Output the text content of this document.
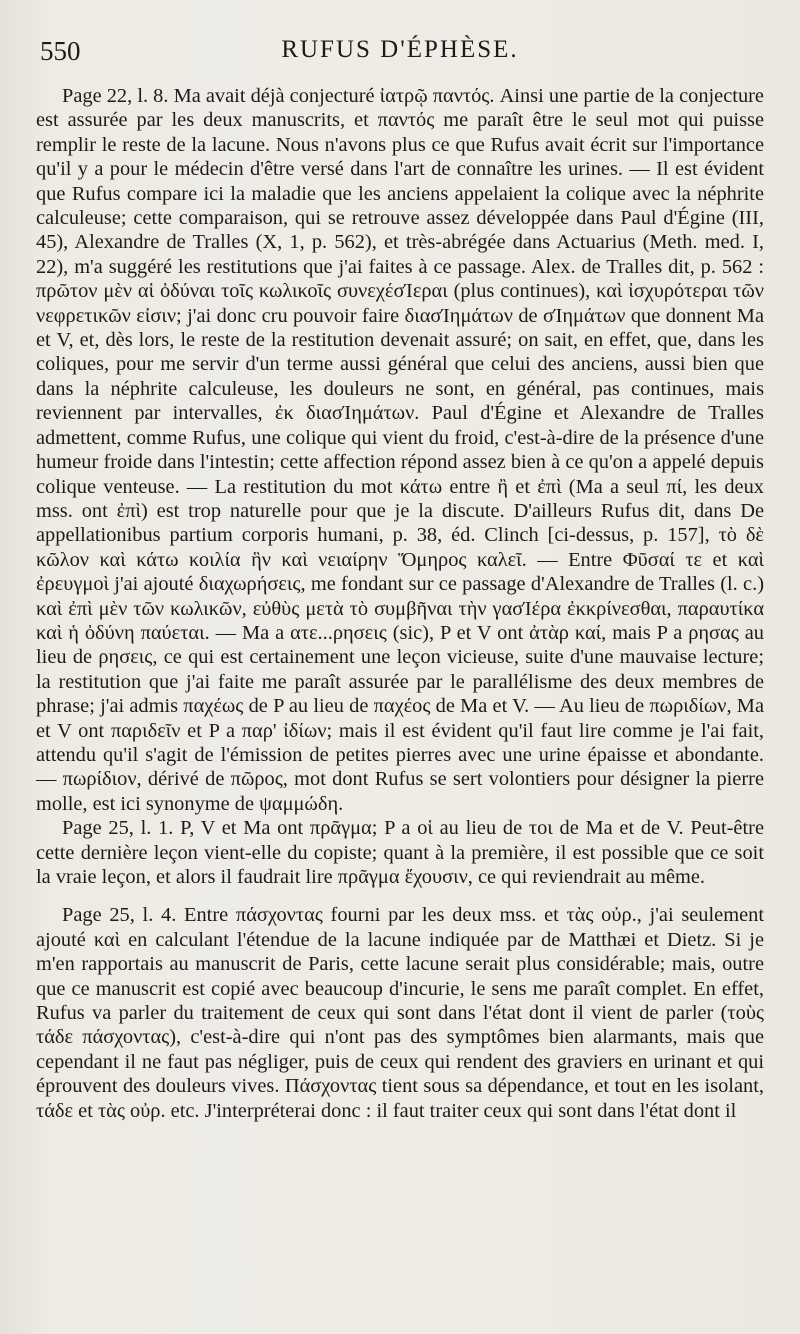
550	RUFUS D'ÉPHÈSE.

Page 22, l. 8. Ma avait déjà conjecturé ἰατρῷ παντός. Ainsi une partie de la conjecture est assurée par les deux manuscrits, et παντός me paraît être le seul mot qui puisse remplir le reste de la lacune. Nous n'avons plus ce que Rufus avait écrit sur l'importance qu'il y a pour le médecin d'être versé dans l'art de connaître les urines. — Il est évident que Rufus compare ici la maladie que les anciens appelaient la colique avec la néphrite calculeuse; cette comparaison, qui se retrouve assez développée dans Paul d'Égine (III, 45), Alexandre de Tralles (X, 1, p. 562), et très-abrégée dans Actuarius (Meth. med. I, 22), m'a suggéré les restitutions que j'ai faites à ce passage. Alex. de Tralles dit, p. 562 : πρῶτον μὲν αἱ ὀδύναι τοῖς κωλικοῖς συνεχέσΊεραι (plus continues), καὶ ἰσχυρότεραι τῶν νεφρετικῶν εἰσιν; j'ai donc cru pouvoir faire διασΊημάτων de σΊημάτων que donnent Ma et V, et, dès lors, le reste de la restitution devenait assuré; on sait, en effet, que, dans les coliques, pour me servir d'un terme aussi général que celui des anciens, aussi bien que dans la néphrite calculeuse, les douleurs ne sont, en général, pas continues, mais reviennent par intervalles, ἐκ διασΊημάτων. Paul d'Égine et Alexandre de Tralles admettent, comme Rufus, une colique qui vient du froid, c'est-à-dire de la présence d'une humeur froide dans l'intestin; cette affection répond assez bien à ce qu'on a appelé depuis colique venteuse. — La restitution du mot κάτω entre ἢ et ἐπὶ (Ma a seul πί, les deux mss. ont ἐπὶ) est trop naturelle pour que je la discute. D'ailleurs Rufus dit, dans De appellationibus partium corporis humani, p. 38, éd. Clinch [ci-dessus, p. 157], τὸ δὲ κῶλον καὶ κάτω κοιλία ἣν καὶ νειαίρην Ὅμηρος καλεῖ. — Entre Φῦσαί τε et καὶ ἐρευγμοὶ j'ai ajouté διαχωρήσεις, me fondant sur ce passage d'Alexandre de Tralles (l. c.) καὶ ἐπὶ μὲν τῶν κωλικῶν, εὐθὺς μετὰ τὸ συμβῆναι τὴν γασΊέρα ἐκκρίνεσθαι, παραυτίκα καὶ ἡ ὀδύνη παύεται. — Ma a ατε...ρησεις (sic), P et V ont ἀτὰρ καί, mais P a ρησας au lieu de ρησεις, ce qui est certainement une leçon vicieuse, suite d'une mauvaise lecture; la restitution que j'ai faite me paraît assurée par le parallélisme des deux membres de phrase; j'ai admis παχέως de P au lieu de παχέος de Ma et V. — Au lieu de πωριδίων, Ma et V ont παριδεῖν et P a παρ' ἰδίων; mais il est évident qu'il faut lire comme je l'ai fait, attendu qu'il s'agit de l'émission de petites pierres avec une urine épaisse et abondante. — πωρίδιον, dérivé de πῶρος, mot dont Rufus se sert volontiers pour désigner la pierre molle, est ici synonyme de ψαμμώδη.

Page 25, l. 1. P, V et Ma ont πρᾶγμα; P a οἱ au lieu de τοι de Ma et de V. Peut-être cette dernière leçon vient-elle du copiste; quant à la première, il est possible que ce soit la vraie leçon, et alors il faudrait lire πρᾶγμα ἔχουσιν, ce qui reviendrait au même.

Page 25, l. 4. Entre πάσχοντας fourni par les deux mss. et τὰς οὐρ., j'ai seulement ajouté καὶ en calculant l'étendue de la lacune indiquée par de Matthæi et Dietz. Si je m'en rapportais au manuscrit de Paris, cette lacune serait plus considérable; mais, outre que ce manuscrit est copié avec beaucoup d'incurie, le sens me paraît complet. En effet, Rufus va parler du traitement de ceux qui sont dans l'état dont il vient de parler (τοὺς τάδε πάσχοντας), c'est-à-dire qui n'ont pas des symptômes bien alarmants, mais que cependant il ne faut pas négliger, puis de ceux qui rendent des graviers en urinant et qui éprouvent des douleurs vives. Πάσχοντας tient sous sa dépendance, et tout en les isolant, τάδε et τὰς οὐρ. etc. J'interpréterai donc : il faut traiter ceux qui sont dans l'état dont il
